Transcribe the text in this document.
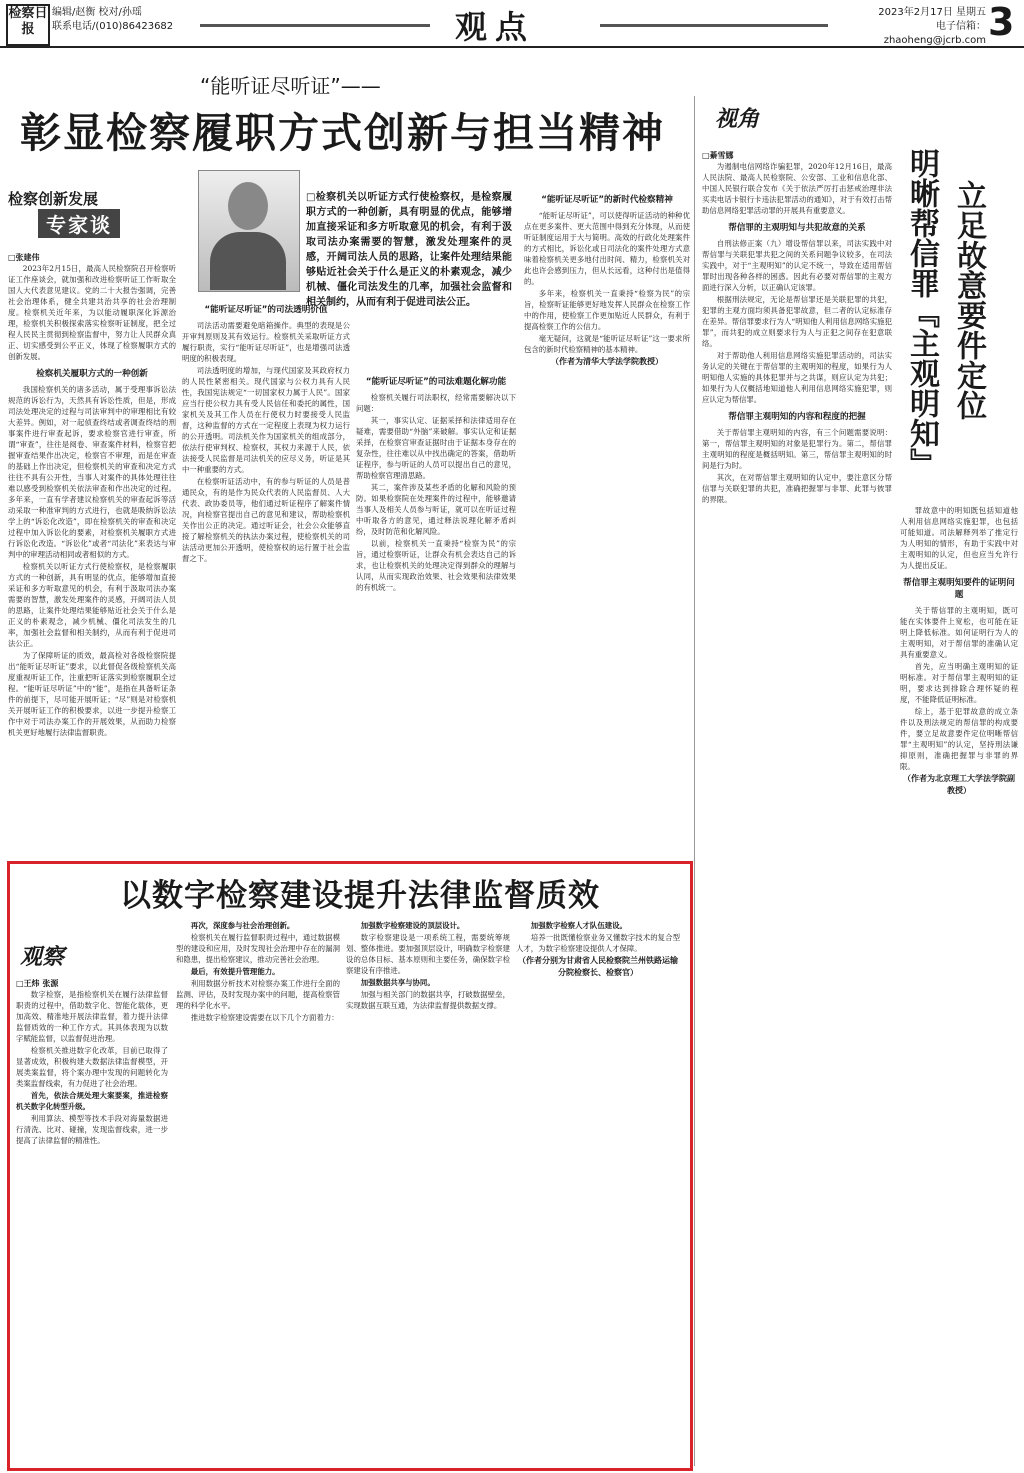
检察日报
编辑/赵衡 校对/孙瑶
联系电话/(010)86423682	观点	2023年2月17日 星期五
电子信箱：zhaoheng@jcrb.com 3
“能听证尽听证”——
彰显检察履职方式创新与担当精神
检察创新发展
专家谈
□检察机关以听证方式行使检察权，是检察履职方式的一种创新，具有明显的优点，能够增加直接采证和多方听取意见的机会，有利于汲取司法办案需要的智慧，激发处理案件的灵感，开阔司法人员的思路，让案件处理结果能够贴近社会关于什么是正义的朴素观念，减少机械、僵化司法发生的几率，加强社会监督和相关制约，从而有利于促进司法公正。
□张建伟

2023年2月15日，最高人民检察院召开检察听证工作座谈会，就加强和改进检察听证工作听取全国人大代表意见建议。党的二十大报告强调，完善社会治理体系，健全共建共治共享的社会治理制度。检察机关近年来，为以能动履职深化诉源治理，检察机关积极探索落实检察听证制度，把全过程人民民主贯彻到检察监督中，努力让人民群众真正、切实感受到公平正义，体现了检察履职方式的创新发展。

检察机关履职方式的一种创新

我国检察机关的诸多活动，属于受理事诉讼法规范的诉讼行为，天然具有诉讼性质，但是，形成司法处理决定的过程与司法审判中的审理相比有较大差异。例如，对一起侦查终结或者调查终结的刑事案件进行审查起诉，要求检察官进行审查，所谓“审查”，往往是阅卷、审查案件材料，检察官把握审查结果作出决定，检察官不审理，而是在审查的基础上作出决定，但检察机关的审查和决定方式往往不具有公开性，当事人对案件的具体处理往往难以感受到检察机关依法审查和作出决定的过程。多年来，一直有学者建议检察机关的审查起诉等活动采取一种准审判的方式进行，也就是吸纳诉讼法学上的“诉讼化改造”，即在检察机关的审查和决定过程中加入诉讼化的要素，对检察机关履职方式进行诉讼化改造。“诉讼化”或者“司法化”来表达与审判中的审理活动相同或者相似的方式。

检察机关以听证方式行使检察权，是检察履职方式的一种创新，具有明显的优点，能够增加直接采证和多方听取意见的机会，有利于汲取司法办案需要的智慧，激发处理案件的灵感，开阔司法人员的思路，让案件处理结果能够贴近社会关于什么是正义的朴素观念，减少机械、僵化司法发生的几率，加强社会监督和相关制约，从而有利于促进司法公正。

为了保障听证的质效，最高检对各级检察院提出“能听证尽听证”要求，以此督促各级检察机关高度重视听证工作，注重把听证落实到检察履职全过程。“能听证尽听证”中的“能”，是指在具备听证条件的前提下，尽可能开展听证；“尽”则是对检察机关开展听证工作的积极要求，以进一步提升检察工作中对于司法办案工作的开展效果，从而助力检察机关更好地履行法律监督职责。

“能听证尽听证”的司法透明价值

司法活动需要避免暗箱操作。典型的表现是公开审判原则及其有效运行。检察机关采取听证方式履行职责，实行“能听证尽听证”，也是增强司法透明度的积极表现。

司法透明度的增加，与现代国家及其政府权力的人民性紧密相关。现代国家与公权力具有人民性，我国宪法规定“一切国家权力属于人民”。国家应当行使公权力具有受人民信任和委托的属性，国家机关及其工作人员在行使权力时要接受人民监督，这种监督的方式在一定程度上表现为权力运行的公开透明。司法机关作为国家机关的组成部分，依法行使审判权、检察权，其权力来源于人民，依法接受人民监督是司法机关的应尽义务，听证是其中一种重要的方式。

在检察听证活动中，有的参与听证的人员是普通民众，有的是作为民众代表的人民监督员、人大代表、政协委员等，他们通过听证程序了解案件情况，向检察官提出自己的意见和建议，帮助检察机关作出公正的决定。通过听证会，社会公众能够直接了解检察机关的执法办案过程，使检察机关的司法活动更加公开透明，使检察权的运行置于社会监督之下。

“能听证尽听证”的司法难题化解功能

检察机关履行司法职权，经常需要解决以下问题：

其一，事实认定、证据采择和法律适用存在疑难，需要借助“外脑”来破解。事实认定和证据采择，在检察官审查证据时由于证据本身存在的复杂性，往往难以从中找出确定的答案，借助听证程序，参与听证的人员可以提出自己的意见，帮助检察官理清思路。

其二，案件涉及某些矛盾的化解和风险的预防。如果检察院在处理案件的过程中，能够邀请当事人及相关人员参与听证，就可以在听证过程中听取各方的意见，通过释法说理化解矛盾纠纷，及时防范和化解风险。

以前，检察机关一直秉持“检察为民”的宗旨，通过检察听证，让群众有机会表达自己的诉求，也让检察机关的处理决定得到群众的理解与认同，从而实现政治效果、社会效果和法律效果的有机统一。

“能听证尽听证”的新时代检察精神

“能听证尽听证”，可以使得听证活动的种种优点在更多案件、更大范围中得到充分体现，从而使听证制度运用于大与简明。高效的行政化处理案件的方式相比，诉讼化或日司法化的案件处理方式意味着检察机关更多地付出时间、精力，检察机关对此也许会感到压力，但从长远看，这种付出是值得的。

多年来，检察机关一直秉持“检察为民”的宗旨，检察听证能够更好地发挥人民群众在检察工作中的作用，使检察工作更加贴近人民群众，有利于提高检察工作的公信力。

毫无疑问，这就是“能听证尽听证”这一要求所包含的新时代检察精神的基本精神。

（作者为清华大学法学院教授）
视角
立足故意要件定位
明晰帮信罪『主观明知』
□綦雪娜

为遏制电信网络诈骗犯罪，2020年12月16日，最高人民法院、最高人民检察院、公安部、工业和信息化部、中国人民银行联合发布《关于依法严厉打击惩戒治理非法买卖电话卡银行卡违法犯罪活动的通知》，对于有效打击帮助信息网络犯罪活动罪的开展具有重要意义。

帮信罪的主观明知与共犯故意的关系

自刑法修正案（九）增设帮信罪以来，司法实践中对帮信罪与关联犯罪共犯之间的关系问题争议较多，在司法实践中，对于“主观明知”的认定不统一，导致在适用帮信罪时出现各种各样的困惑。因此有必要对帮信罪的主观方面进行深入分析，以正确认定该罪。

根据刑法规定，无论是帮信罪还是关联犯罪的共犯，犯罪的主观方面均须具备犯罪故意，但二者的认定标准存在差异。帮信罪要求行为人“明知他人利用信息网络实施犯罪”，而共犯的成立则要求行为人与正犯之间存在犯意联络。

对于帮助他人利用信息网络实施犯罪活动的，司法实务认定的关键在于帮信罪的主观明知的程度，如果行为人明知他人实施的具体犯罪并与之共谋，则应认定为共犯；如果行为人仅概括地知道他人利用信息网络实施犯罪，则应认定为帮信罪。

帮信罪主观明知的内容和程度的把握

关于帮信罪主观明知的内容，有三个问题需要说明：第一，帮信罪主观明知的对象是犯罪行为。第二，帮信罪主观明知的程度是概括明知。第三，帮信罪主观明知的时间是行为时。

其次，在对帮信罪主观明知的认定中，要注意区分帮信罪与关联犯罪的共犯，准确把握罪与非罪、此罪与彼罪的界限。

罪故意中的明知既包括知道他人利用信息网络实施犯罪，也包括可能知道。司法解释列举了推定行为人明知的情形，有助于实践中对主观明知的认定，但也应当允许行为人提出反证。

帮信罪主观明知要件的证明问题

关于帮信罪的主观明知，既可能在实体要件上宽松，也可能在证明上降低标准。如何证明行为人的主观明知，对于帮信罪的准确认定具有重要意义。

首先，应当明确主观明知的证明标准。对于帮信罪主观明知的证明，要求达到排除合理怀疑的程度，不能降低证明标准。

综上，基于犯罪故意的成立条件以及刑法规定的帮信罪的构成要件，要立足故意要件定位明晰帮信罪“主观明知”的认定，坚持刑法谦抑原则，准确把握罪与非罪的界限。

（作者为北京理工大学法学院副教授）
以数字检察建设提升法律监督质效
观察
□王炜 张源

数字检察，是指检察机关在履行法律监督职责的过程中，借助数字化、智能化载体，更加高效、精准地开展法律监督，着力提升法律监督质效的一种工作方式。其具体表现为以数字赋能监督，以监督促进治理。

检察机关推进数字化改革，目前已取得了显著成效，积极构建大数据法律监督模型，开展类案监督，将个案办理中发现的问题转化为类案监督线索，有力促进了社会治理。

首先，依法合规处理大案要案，推进检察机关数字化转型升级。

利用算法、模型等技术手段对海量数据进行清洗、比对、碰撞，发现监督线索，进一步提高了法律监督的精准性。

再次，深度参与社会治理创新。

检察机关在履行监督职责过程中，通过数据模型的建设和应用，及时发现社会治理中存在的漏洞和隐患，提出检察建议，推动完善社会治理。

最后，有效提升管理能力。

利用数据分析技术对检察办案工作进行全面的监测、评估，及时发现办案中的问题，提高检察管理的科学化水平。

推进数字检察建设需要在以下几个方面着力：

加强数字检察建设的顶层设计。

数字检察建设是一项系统工程，需要统筹规划、整体推进。要加强顶层设计，明确数字检察建设的总体目标、基本原则和主要任务，确保数字检察建设有序推进。

加强数据共享与协同。

加强与相关部门的数据共享，打破数据壁垒，实现数据互联互通，为法律监督提供数据支撑。

加强数字检察人才队伍建设。

培养一批既懂检察业务又懂数字技术的复合型人才，为数字检察建设提供人才保障。

（作者分别为甘肃省人民检察院兰州铁路运输分院检察长、检察官）
